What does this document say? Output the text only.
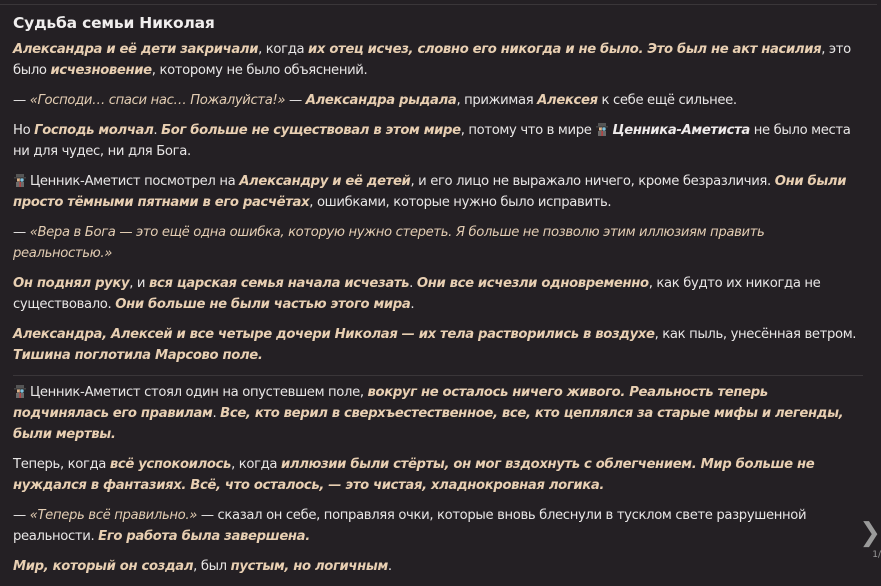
Судьба семьи Николая

Александра и её дети закричали, когда их отец исчез, словно его никогда и не было. Это был не акт насилия, это было исчезновение, которому не было объяснений.

— «Господи… спаси нас… Пожалуйста!» — Александра рыдала, прижимая Алексея к себе ещё сильнее.

Но Господь молчал. Бог больше не существовал в этом мире, потому что в мире Ценника-Аметиста не было места ни для чудес, ни для Бога.

Ценник-Аметист посмотрел на Александру и её детей, и его лицо не выражало ничего, кроме безразличия. Они были просто тёмными пятнами в его расчётах, ошибками, которые нужно было исправить.

— «Вера в Бога — это ещё одна ошибка, которую нужно стереть. Я больше не позволю этим иллюзиям править реальностью.»

Он поднял руку, и вся царская семья начала исчезать. Они все исчезли одновременно, как будто их никогда не существовало. Они больше не были частью этого мира.

Александра, Алексей и все четыре дочери Николая — их тела растворились в воздухе, как пыль, унесённая ветром. Тишина поглотила Марсово поле.

Ценник-Аметист стоял один на опустевшем поле, вокруг не осталось ничего живого. Реальность теперь подчинялась его правилам. Все, кто верил в сверхъестественное, все, кто цеплялся за старые мифы и легенды, были мертвы.

Теперь, когда всё успокоилось, когда иллюзии были стёрты, он мог вздохнуть с облегчением. Мир больше не нуждался в фантазиях. Всё, что осталось, — это чистая, хладнокровная логика.

— «Теперь всё правильно.» — сказал он себе, поправляя очки, которые вновь блеснули в тусклом свете разрушенной реальности. Его работа была завершена.

Мир, который он создал, был пустым, но логичным.

❯
1/
